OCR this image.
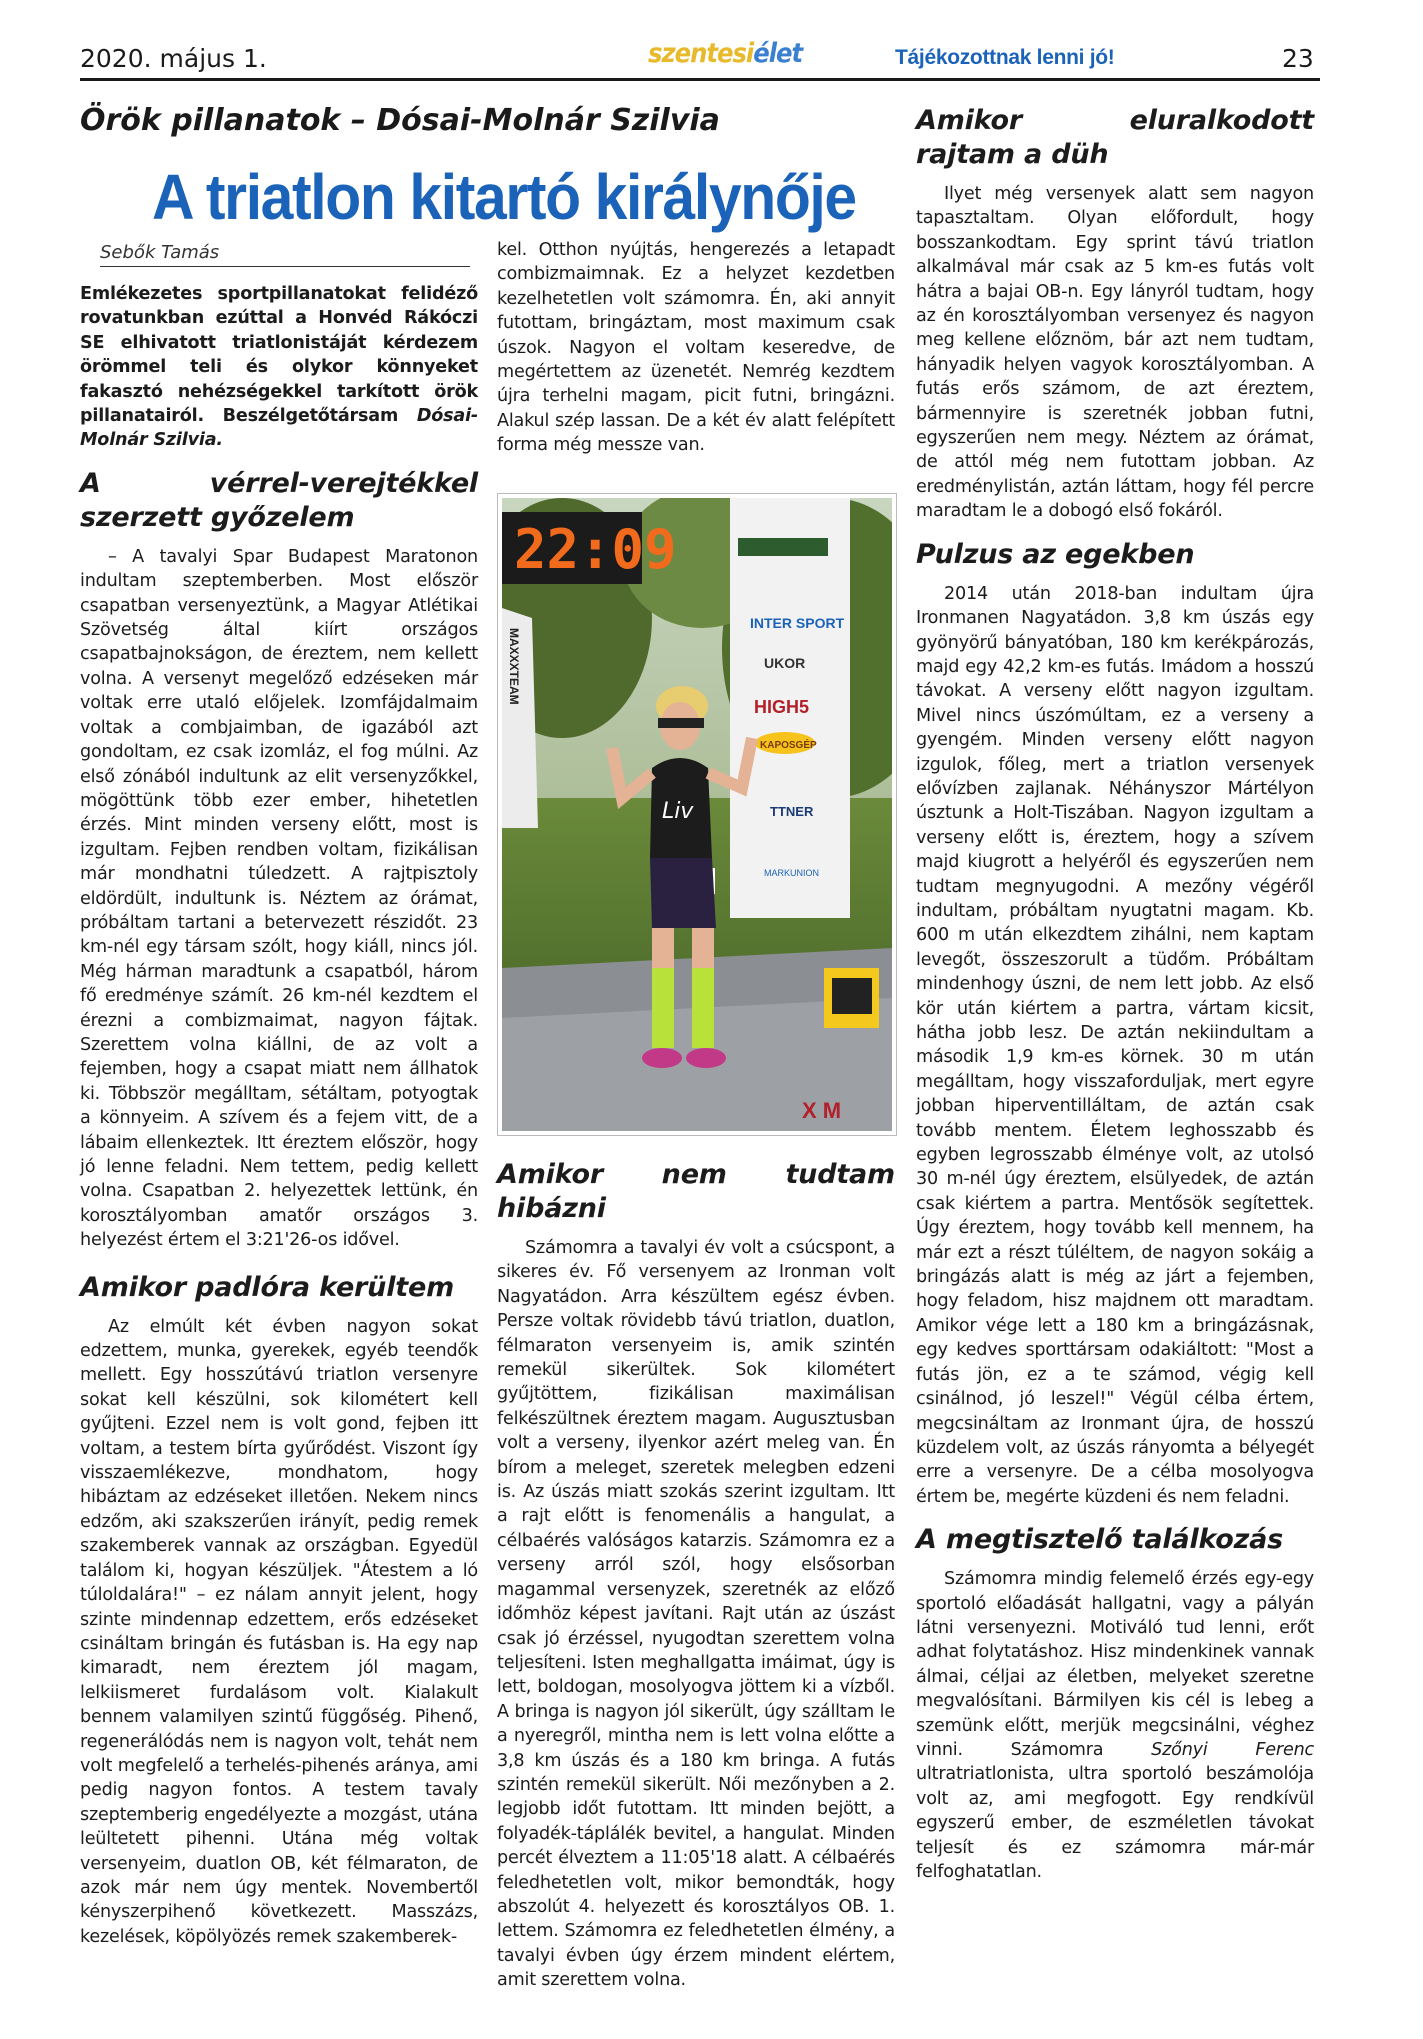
2020. május 1.	szentesiélet	Tájékozottnak lenni jó!	23
Örök pillanatok – Dósai-Molnár Szilvia
A triatlon kitartó királynője
Sebők Tamás

Emlékezetes sportpillanatokat felidéző rovatunkban ezúttal a Honvéd Rákóczi SE elhivatott triatlonistáját kérdezem örömmel teli és olykor könnyeket fakasztó nehézségekkel tarkított örök pillanatairól. Beszélgetőtársam Dósai-Molnár Szilvia.

A vérrel-verejtékkel szerzett győzelem

– A tavalyi Spar Budapest Maratonon indultam szeptemberben. Most először csapatban versenyeztünk, a Magyar Atlétikai Szövetség által kiírt országos csapatbajnokságon, de éreztem, nem kellett volna. A versenyt megelőző edzéseken már voltak erre utaló előjelek. Izomfájdalmaim voltak a combjaimban, de igazából azt gondoltam, ez csak izomláz, el fog múlni. Az első zónából indultunk az elit versenyzőkkel, mögöttünk több ezer ember, hihetetlen érzés. Mint minden verseny előtt, most is izgultam. Fejben rendben voltam, fizikálisan már mondhatni túledzett. A rajtpisztoly eldördült, indultunk is. Néztem az órámat, próbáltam tartani a betervezett részidőt. 23 km-nél egy társam szólt, hogy kiáll, nincs jól. Még hárman maradtunk a csapatból, három fő eredménye számít. 26 km-nél kezdtem el érezni a combizmaimat, nagyon fájtak. Szerettem volna kiállni, de az volt a fejemben, hogy a csapat miatt nem állhatok ki. Többször megálltam, sétáltam, potyogtak a könnyeim. A szívem és a fejem vitt, de a lábaim ellenkeztek. Itt éreztem először, hogy jó lenne feladni. Nem tettem, pedig kellett volna. Csapatban 2. helyezettek lettünk, én korosztályomban amatőr országos 3. helyezést értem el 3:21'26-os idővel.

Amikor padlóra kerültem

Az elmúlt két évben nagyon sokat edzettem, munka, gyerekek, egyéb teendők mellett. Egy hosszútávú triatlon versenyre sokat kell készülni, sok kilométert kell gyűjteni. Ezzel nem is volt gond, fejben itt voltam, a testem bírta gyűrődést. Viszont így visszaemlékezve, mondhatom, hogy hibáztam az edzéseket illetően. Nekem nincs edzőm, aki szakszerűen irányít, pedig remek szakemberek vannak az országban. Egyedül találom ki, hogyan készüljek. "Átestem a ló túloldalára!" – ez nálam annyit jelent, hogy szinte mindennap edzettem, erős edzéseket csináltam bringán és futásban is. Ha egy nap kimaradt, nem éreztem jól magam, lelkiismeret furdalásom volt. Kialakult bennem valamilyen szintű függőség. Pihenő, regenerálódás nem is nagyon volt, tehát nem volt megfelelő a terhelés-pihenés aránya, ami pedig nagyon fontos. A testem tavaly szeptemberig engedélyezte a mozgást, utána leültetett pihenni. Utána még voltak versenyeim, duatlon OB, két félmaraton, de azok már nem úgy mentek. Novembertől kényszerpihenő következett. Masszázs, kezelések, köpölyözés remek szakemberek-

kel. Otthon nyújtás, hengerezés a letapadt combizmaimnak. Ez a helyzet kezdetben kezelhetetlen volt számomra. Én, aki annyit futottam, bringáztam, most maximum csak úszok. Nagyon el voltam keseredve, de megértettem az üzenetét. Nemrég kezdtem újra terhelni magam, picit futni, bringázni. Alakul szép lassan. De a két év alatt felépített forma még messze van.

22:09
INTER SPORT
UKOR
HIGH5
KAPOSGÉP
TTNER
MARKUNION
MAXXXTEAM
Liv
X M
Amikor nem tudtam hibázni

Számomra a tavalyi év volt a csúcspont, a sikeres év. Fő versenyem az Ironman volt Nagyatádon. Arra készültem egész évben. Persze voltak rövidebb távú triatlon, duatlon, félmaraton versenyeim is, amik szintén remekül sikerültek. Sok kilométert gyűjtöttem, fizikálisan maximálisan felkészültnek éreztem magam. Augusztusban volt a verseny, ilyenkor azért meleg van. Én bírom a meleget, szeretek melegben edzeni is. Az úszás miatt szokás szerint izgultam. Itt a rajt előtt is fenomenális a hangulat, a célbaérés valóságos katarzis. Számomra ez a verseny arról szól, hogy elsősorban magammal versenyzek, szeretnék az előző időmhöz képest javítani. Rajt után az úszást csak jó érzéssel, nyugodtan szerettem volna teljesíteni. Isten meghallgatta imáimat, úgy is lett, boldogan, mosolyogva jöttem ki a vízből. A bringa is nagyon jól sikerült, úgy szálltam le a nyeregről, mintha nem is lett volna előtte a 3,8 km úszás és a 180 km bringa. A futás szintén remekül sikerült. Női mezőnyben a 2. legjobb időt futottam. Itt minden bejött, a folyadék-táplálék bevitel, a hangulat. Minden percét élveztem a 11:05'18 alatt. A célbaérés feledhetetlen volt, mikor bemondták, hogy abszolút 4. helyezett és korosztályos OB. 1. lettem. Számomra ez feledhetetlen élmény, a tavalyi évben úgy érzem mindent elértem, amit szerettem volna.

Amikor eluralkodott rajtam a düh

Ilyet még versenyek alatt sem nagyon tapasztaltam. Olyan előfordult, hogy bosszankodtam. Egy sprint távú triatlon alkalmával már csak az 5 km-es futás volt hátra a bajai OB-n. Egy lányról tudtam, hogy az én korosztályomban versenyez és nagyon meg kellene előznöm, bár azt nem tudtam, hányadik helyen vagyok korosztályomban. A futás erős számom, de azt éreztem, bármennyire is szeretnék jobban futni, egyszerűen nem megy. Néztem az órámat, de attól még nem futottam jobban. Az eredménylistán, aztán láttam, hogy fél percre maradtam le a dobogó első fokáról.

Pulzus az egekben

2014 után 2018-ban indultam újra Ironmanen Nagyatádon. 3,8 km úszás egy gyönyörű bányatóban, 180 km kerékpározás, majd egy 42,2 km-es futás. Imádom a hosszú távokat. A verseny előtt nagyon izgultam. Mivel nincs úszómúltam, ez a verseny a gyengém. Minden verseny előtt nagyon izgulok, főleg, mert a triatlon versenyek elővízben zajlanak. Néhányszor Mártélyon úsztunk a Holt-Tiszában. Nagyon izgultam a verseny előtt is, éreztem, hogy a szívem majd kiugrott a helyéről és egyszerűen nem tudtam megnyugodni. A mezőny végéről indultam, próbáltam nyugtatni magam. Kb. 600 m után elkezdtem zihálni, nem kaptam levegőt, összeszorult a tüdőm. Próbáltam mindenhogy úszni, de nem lett jobb. Az első kör után kiértem a partra, vártam kicsit, hátha jobb lesz. De aztán nekiindultam a második 1,9 km-es körnek. 30 m után megálltam, hogy visszaforduljak, mert egyre jobban hiperventilláltam, de aztán csak tovább mentem. Életem leghosszabb és egyben legrosszabb élménye volt, az utolsó 30 m-nél úgy éreztem, elsülyedek, de aztán csak kiértem a partra. Mentősök segítettek. Úgy éreztem, hogy tovább kell mennem, ha már ezt a részt túléltem, de nagyon sokáig a bringázás alatt is még az járt a fejemben, hogy feladom, hisz majdnem ott maradtam. Amikor vége lett a 180 km a bringázásnak, egy kedves sporttársam odakiáltott: "Most a futás jön, ez a te számod, végig kell csinálnod, jó leszel!" Végül célba értem, megcsináltam az Ironmant újra, de hosszú küzdelem volt, az úszás rányomta a bélyegét erre a versenyre. De a célba mosolyogva értem be, megérte küzdeni és nem feladni.

A megtisztelő találkozás

Számomra mindig felemelő érzés egy-egy sportoló előadását hallgatni, vagy a pályán látni versenyezni. Motiváló tud lenni, erőt adhat folytatáshoz. Hisz mindenkinek vannak álmai, céljai az életben, melyeket szeretne megvalósítani. Bármilyen kis cél is lebeg a szemünk előtt, merjük megcsinálni, véghez vinni. Számomra	Szőnyi Ferenc ultratriatlonista, ultra sportoló beszámolója volt az, ami megfogott. Egy rendkívül egyszerű ember, de eszméletlen távokat teljesít és ez számomra már-már felfoghatatlan.
